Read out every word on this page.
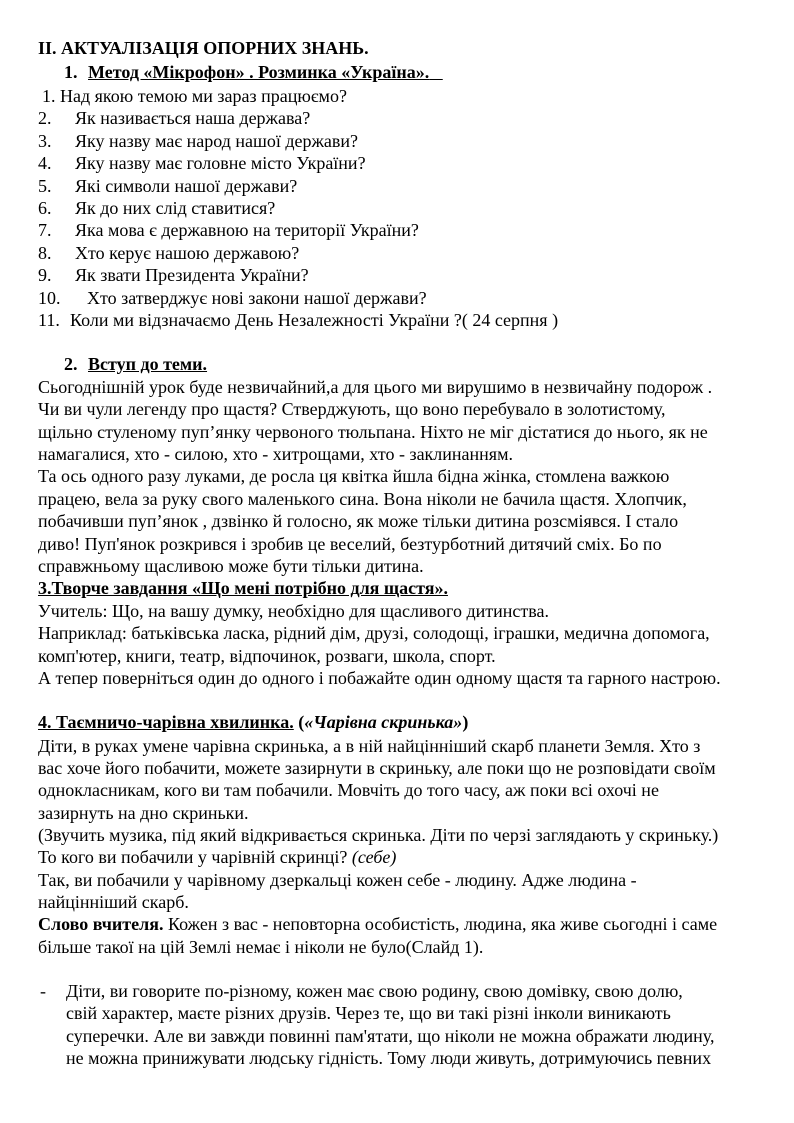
II. АКТУАЛІЗАЦІЯ ОПОРНИХ ЗНАНЬ.
1. Метод «Мікрофон» . Розминка «Україна».
1. Над якою темою ми зараз працюємо?
2. Як називається наша держава?
3. Яку назву має народ нашої держави?
4. Яку назву має головне місто України?
5. Які символи нашої держави?
6. Як до них слід ставитися?
7. Яка мова є державною на території України?
8. Хто керує нашою державою?
9. Як звати Президента України?
10. Хто затверджує нові закони нашої держави?
11. Коли ми відзначаємо День Незалежності України ?( 24 серпня )
2. Вступ до теми.
Сьогоднішній урок буде незвичайний,а для цього ми вирушимо в незвичайну подорож .
Чи ви чули легенду про щастя? Стверджують, що воно перебувало в золотистому,
щільно стуленому пуп’янку червоного тюльпана. Ніхто не міг дістатися до нього, як не
намагалися, хто - силою, хто - хитрощами, хто - заклинанням.
Та ось одного разу луками, де росла ця квітка йшла бідна жінка, стомлена важкою
працею, вела за руку свого маленького сина. Вона ніколи не бачила щастя. Хлопчик,
побачивши пуп’янок , дзвінко й голосно, як може тільки дитина розсміявся. І стало
диво! Пуп'янок розкрився і зробив це веселий, безтурботний дитячий сміх. Бо по
справжньому щасливою може бути тільки дитина.
3.Творче завдання «Що мені потрібно для щастя».
Учитель: Що, на вашу думку, необхідно для щасливого дитинства.
Наприклад: батьківська ласка, рідний дім, друзі, солодощі, іграшки, медична допомога,
комп'ютер, книги, театр, відпочинок, розваги, школа, спорт.
А тепер поверніться один до одного і побажайте один одному щастя та гарного настрою.
4. Таємничо-чарівна хвилинка. («Чарівна скринька»)
Діти, в руках умене чарівна скринька, а в ній найцінніший скарб планети Земля. Хто з
вас хоче його побачити, можете зазирнути в скриньку, але поки що не розповідати своїм
однокласникам, кого ви там побачили. Мовчіть до того часу, аж поки всі охочі не
зазирнуть на дно скриньки.
(Звучить музика, під який відкривається скринька. Діти по черзі заглядають у скриньку.)
То кого ви побачили у чарівній скринці? (себе)
Так, ви побачили у чарівному дзеркальці кожен себе - людину. Адже людина -
найцінніший скарб.
Слово вчителя. Кожен з вас - неповторна особистість, людина, яка живе сьогодні і саме
більше такої на цій Землі немає і ніколи не було(Слайд 1).
- Діти, ви говорите по-різному, кожен має свою родину, свою домівку, свою долю,
свій характер, маєте різних друзів. Через те, що ви такі різні інколи виникають
суперечки. Але ви завжди повинні пам'ятати, що ніколи не можна ображати людину,
не можна принижувати людську гідність. Тому люди живуть, дотримуючись певних
